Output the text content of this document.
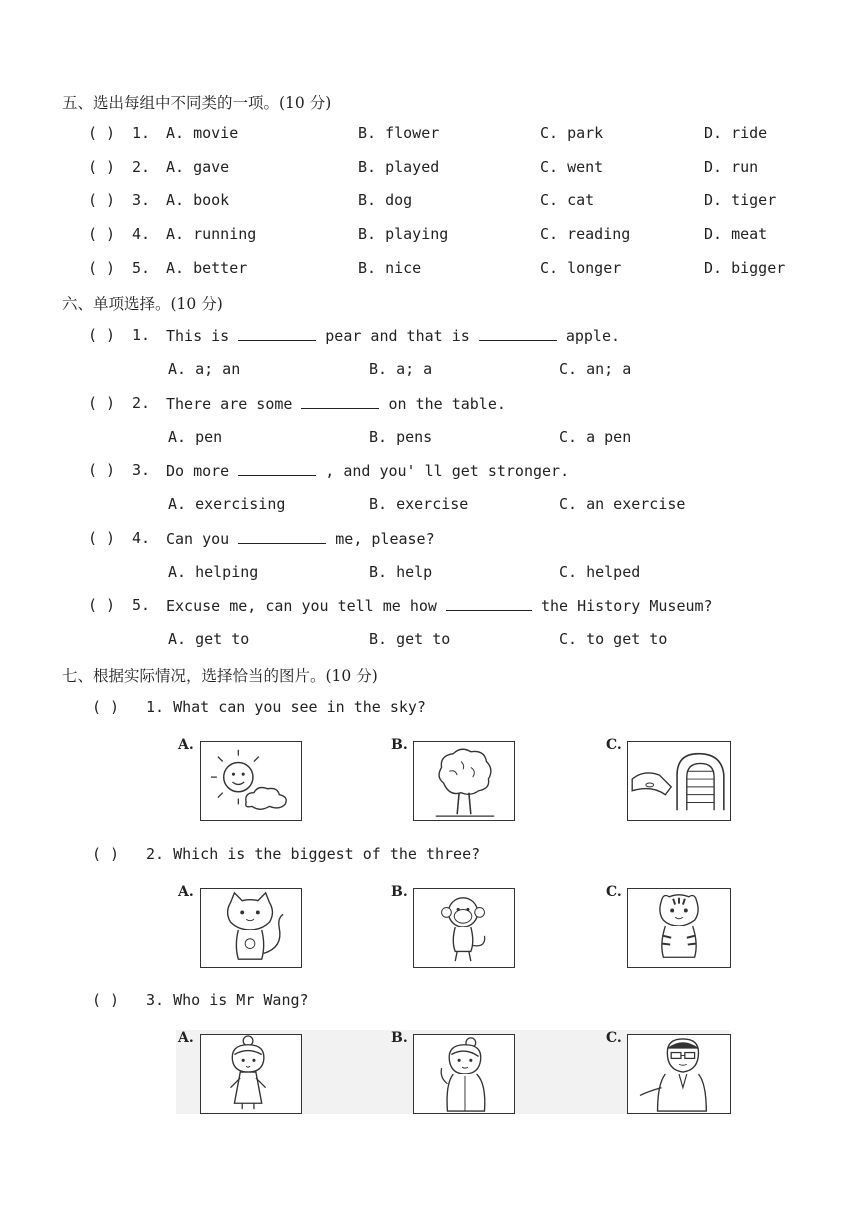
五、选出每组中不同类的一项。(10 分)
( ) 1. A. movie	B. flower	C. park	D. ride
( ) 2. A. gave	B. played	C. went	D. run
( ) 3. A. book	B. dog	C. cat	D. tiger
( ) 4. A. running	B. playing	C. reading	D. meat
( ) 5. A. better	B. nice	C. longer	D. bigger
六、单项选择。(10 分)
( ) 1. This is	pear and that is	apple.
A. a; an	B. a; a	C. an; a
( ) 2. There are some	on the table.
A. pen	B. pens	C. a pen
( ) 3. Do more	, and you' ll get stronger.
A. exercising	B. exercise	C. an exercise
( ) 4. Can you	me, please?
A. helping	B. help	C. helped
( ) 5. Excuse me, can you tell me how	the History Museum?
A. get to	B. get to	C. to get to
七、根据实际情况，选择恰当的图片。(10 分)
( ) 1. What can you see in the sky?
A.	B.	C.
( ) 2. Which is the biggest of the three?
A.	B.	C.
( ) 3. Who is Mr Wang?
A.	B.	C.
